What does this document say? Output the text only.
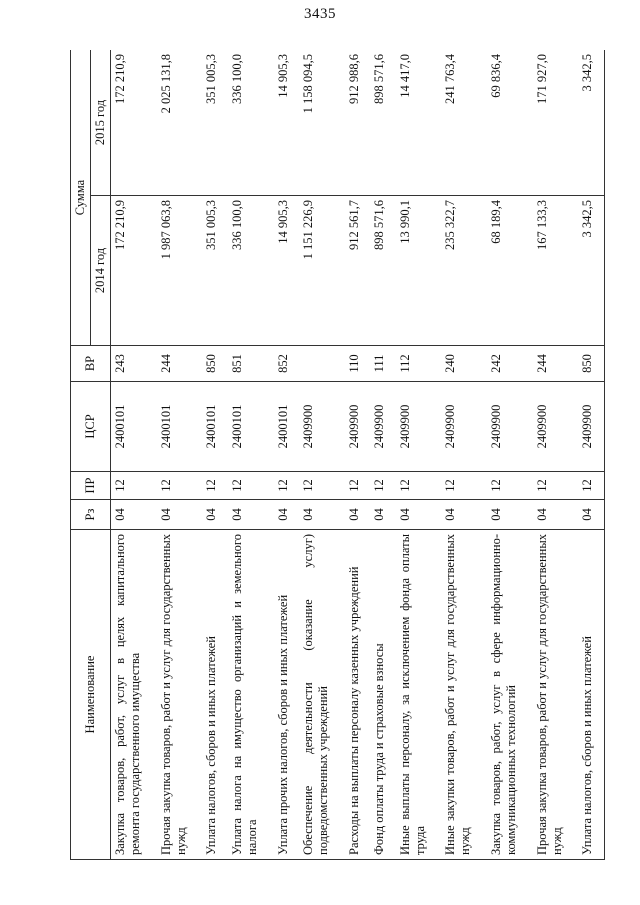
3435
Наименование	Рз	ПР	ЦСР	ВР	Сумма	
					2014 год	2015 год
Закупка товаров, работ, услуг в целях капитального ремонта государственного имущества	04	12	2400101	243	172 210,9	172 210,9
Прочая закупка товаров, работ и услуг для государственных нужд	04	12	2400101	244	1 987 063,8	2 025 131,8
Уплата налогов, сборов и иных платежей	04	12	2400101	850	351 005,3	351 005,3
Уплата налога на имущество организаций и земельного налога	04	12	2400101	851	336 100,0	336 100,0
Уплата прочих налогов, сборов и иных платежей	04	12	2400101	852	14 905,3	14 905,3
Обеспечение деятельности (оказание услуг) подведомственных учреждений	04	12	2409900		1 151 226,9	1 158 094,5
Расходы на выплаты персоналу казенных учреждений	04	12	2409900	110	912 561,7	912 988,6
Фонд оплаты труда и страховые взносы	04	12	2409900	111	898 571,6	898 571,6
Иные выплаты персоналу, за исключением фонда оплаты труда	04	12	2409900	112	13 990,1	14 417,0
Иные закупки товаров, работ и услуг для государственных нужд	04	12	2409900	240	235 322,7	241 763,4
Закупка товаров, работ, услуг в сфере информационно-коммуникационных технологий	04	12	2409900	242	68 189,4	69 836,4
Прочая закупка товаров, работ и услуг для государственных нужд	04	12	2409900	244	167 133,3	171 927,0
Уплата налогов, сборов и иных платежей	04	12	2409900	850	3 342,5	3 342,5
